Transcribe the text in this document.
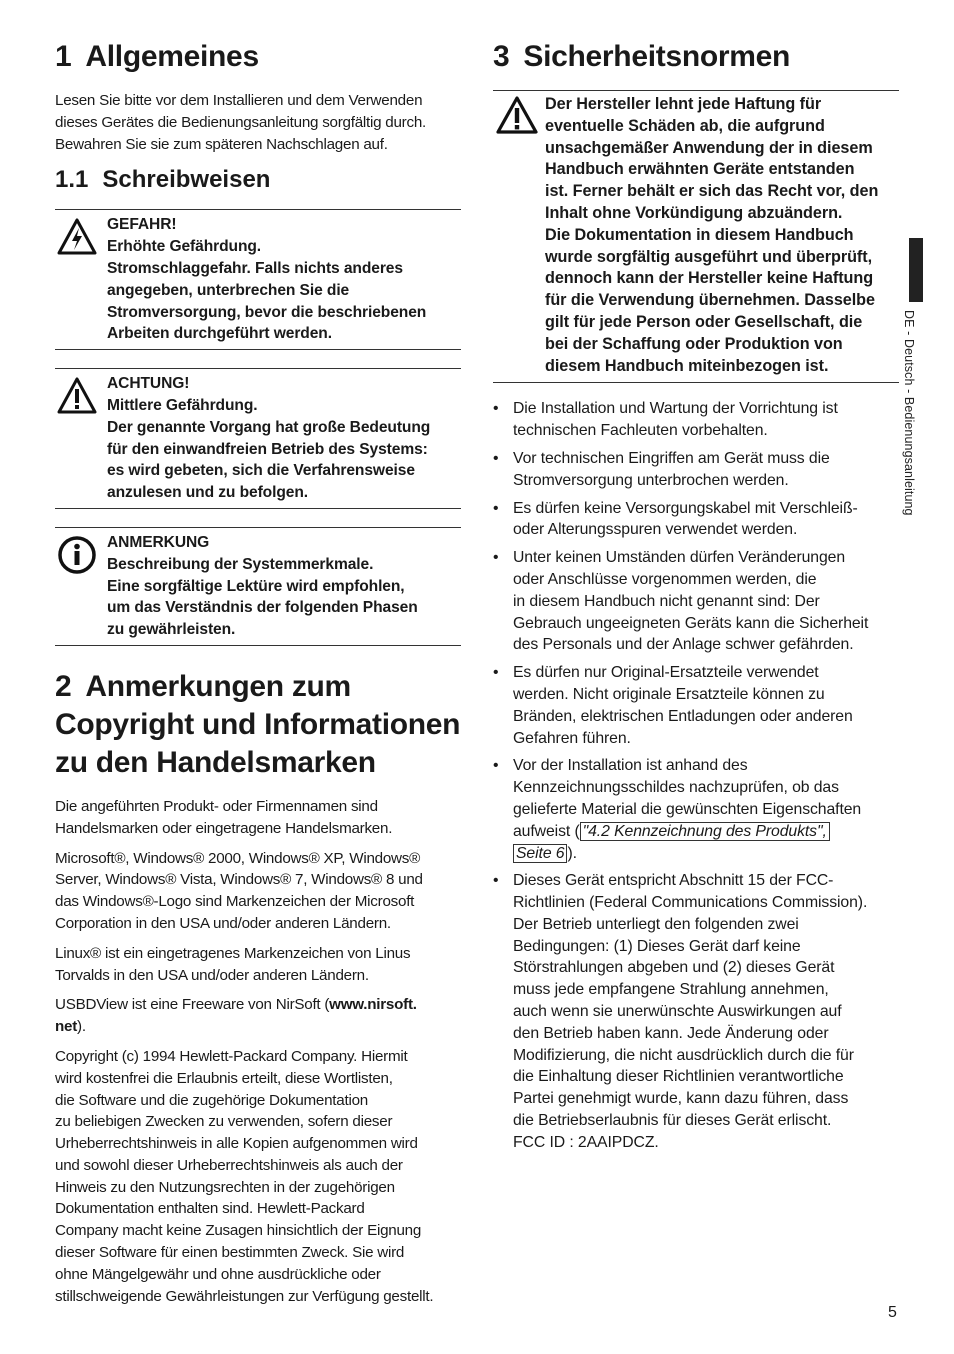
1 Allgemeines

Lesen Sie bitte vor dem Installieren und dem Verwenden
dieses Gerätes die Bedienungsanleitung sorgfältig durch.
Bewahren Sie sie zum späteren Nachschlagen auf.

1.1 Schreibweisen
GEFAHR!
Erhöhte Gefährdung.
Stromschlaggefahr. Falls nichts anderes
angegeben, unterbrechen Sie die
Stromversorgung, bevor die beschriebenen
Arbeiten durchgeführt werden.
ACHTUNG!
Mittlere Gefährdung.
Der genannte Vorgang hat große Bedeutung
für den einwandfreien Betrieb des Systems:
es wird gebeten, sich die Verfahrensweise
anzulesen und zu befolgen.
ANMERKUNG
Beschreibung der Systemmerkmale.
Eine sorgfältige Lektüre wird empfohlen,
um das Verständnis der folgenden Phasen
zu gewährleisten.
2 Anmerkungen zum
Copyright und Informationen
zu den Handelsmarken

Die angeführten Produkt- oder Firmennamen sind
Handelsmarken oder eingetragene Handelsmarken.

Microsoft®, Windows® 2000, Windows® XP, Windows®
Server, Windows® Vista, Windows® 7, Windows® 8 und
das Windows®-Logo sind Markenzeichen der Microsoft
Corporation in den USA und/oder anderen Ländern.

Linux® ist ein eingetragenes Markenzeichen von Linus
Torvalds in den USA und/oder anderen Ländern.

USBDView ist eine Freeware von NirSoft (www.nirsoft.
net).

Copyright (c) 1994 Hewlett-Packard Company. Hiermit
wird kostenfrei die Erlaubnis erteilt, diese Wortlisten,
die Software und die zugehörige Dokumentation
zu beliebigen Zwecken zu verwenden, sofern dieser
Urheberrechtshinweis in alle Kopien aufgenommen wird
und sowohl dieser Urheberrechtshinweis als auch der
Hinweis zu den Nutzungsrechten in der zugehörigen
Dokumentation enthalten sind. Hewlett-Packard
Company macht keine Zusagen hinsichtlich der Eignung
dieser Software für einen bestimmten Zweck. Sie wird
ohne Mängelgewähr und ohne ausdrückliche oder
stillschweigende Gewährleistungen zur Verfügung gestellt.

3 Sicherheitsnormen
Der Hersteller lehnt jede Haftung für
eventuelle Schäden ab, die aufgrund
unsachgemäßer Anwendung der in diesem
Handbuch erwähnten Geräte entstanden
ist. Ferner behält er sich das Recht vor, den
Inhalt ohne Vorkündigung abzuändern.
Die Dokumentation in diesem Handbuch
wurde sorgfältig ausgeführt und überprüft,
dennoch kann der Hersteller keine Haftung
für die Verwendung übernehmen. Dasselbe
gilt für jede Person oder Gesellschaft, die
bei der Schaffung oder Produktion von
diesem Handbuch miteinbezogen ist.
• Die Installation und Wartung der Vorrichtung ist
technischen Fachleuten vorbehalten.
• Vor technischen Eingriffen am Gerät muss die
Stromversorgung unterbrochen werden.
• Es dürfen keine Versorgungskabel mit Verschleiß-
oder Alterungsspuren verwendet werden.
• Unter keinen Umständen dürfen Veränderungen
oder Anschlüsse vorgenommen werden, die
in diesem Handbuch nicht genannt sind: Der
Gebrauch ungeeigneten Geräts kann die Sicherheit
des Personals und der Anlage schwer gefährden.
• Es dürfen nur Original-Ersatzteile verwendet
werden. Nicht originale Ersatzteile können zu
Bränden, elektrischen Entladungen oder anderen
Gefahren führen.
• Vor der Installation ist anhand des
Kennzeichnungsschildes nachzuprüfen, ob das
gelieferte Material die gewünschten Eigenschaften
aufweist ( "4.2 Kennzeichnung des Produkts",
Seite 6 ).
• Dieses Gerät entspricht Abschnitt 15 der FCC-
Richtlinien (Federal Communications Commission).
Der Betrieb unterliegt den folgenden zwei
Bedingungen: (1) Dieses Gerät darf keine
Störstrahlungen abgeben und (2) dieses Gerät
muss jede empfangene Strahlung annehmen,
auch wenn sie unerwünschte Auswirkungen auf
den Betrieb haben kann. Jede Änderung oder
Modifizierung, die nicht ausdrücklich durch die für
die Einhaltung dieser Richtlinien verantwortliche
Partei genehmigt wurde, kann dazu führen, dass
die Betriebserlaubnis für dieses Gerät erlischt.
FCC ID : 2AAIPDCZ.
DE - Deutsch - Bedienungsanleitung
5
